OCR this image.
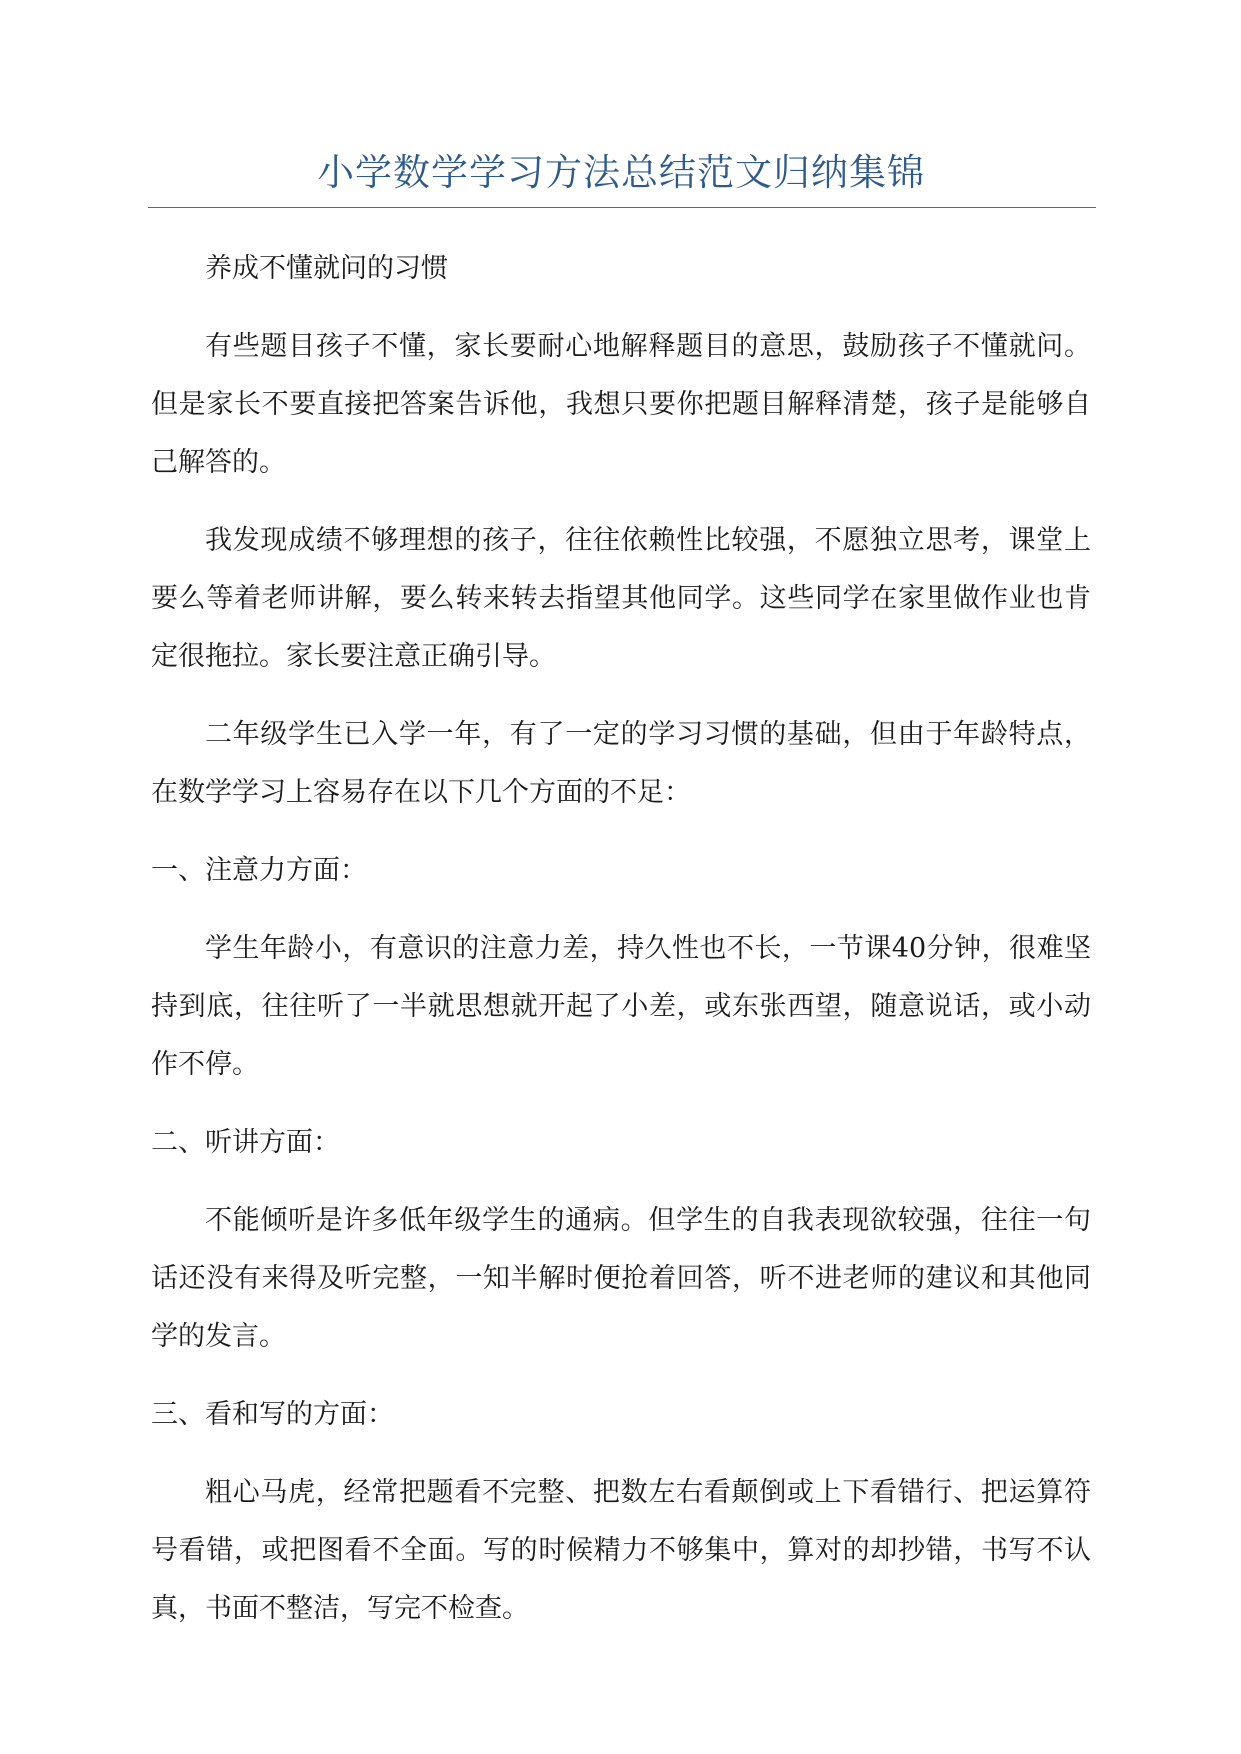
小学数学学习方法总结范文归纳集锦

养成不懂就问的习惯

有些题目孩子不懂，家长要耐心地解释题目的意思，鼓励孩子不懂就问。但是家长不要直接把答案告诉他，我想只要你把题目解释清楚，孩子是能够自己解答的。

我发现成绩不够理想的孩子，往往依赖性比较强，不愿独立思考，课堂上要么等着老师讲解，要么转来转去指望其他同学。这些同学在家里做作业也肯定很拖拉。家长要注意正确引导。

二年级学生已入学一年，有了一定的学习习惯的基础，但由于年龄特点，在数学学习上容易存在以下几个方面的不足：

一、注意力方面：

学生年龄小，有意识的注意力差，持久性也不长，一节课40分钟，很难坚持到底，往往听了一半就思想就开起了小差，或东张西望，随意说话，或小动作不停。

二、听讲方面：

不能倾听是许多低年级学生的通病。但学生的自我表现欲较强，往往一句话还没有来得及听完整，一知半解时便抢着回答，听不进老师的建议和其他同学的发言。

三、看和写的方面：

粗心马虎，经常把题看不完整、把数左右看颠倒或上下看错行、把运算符号看错，或把图看不全面。写的时候精力不够集中，算对的却抄错，书写不认真，书面不整洁，写完不检查。
